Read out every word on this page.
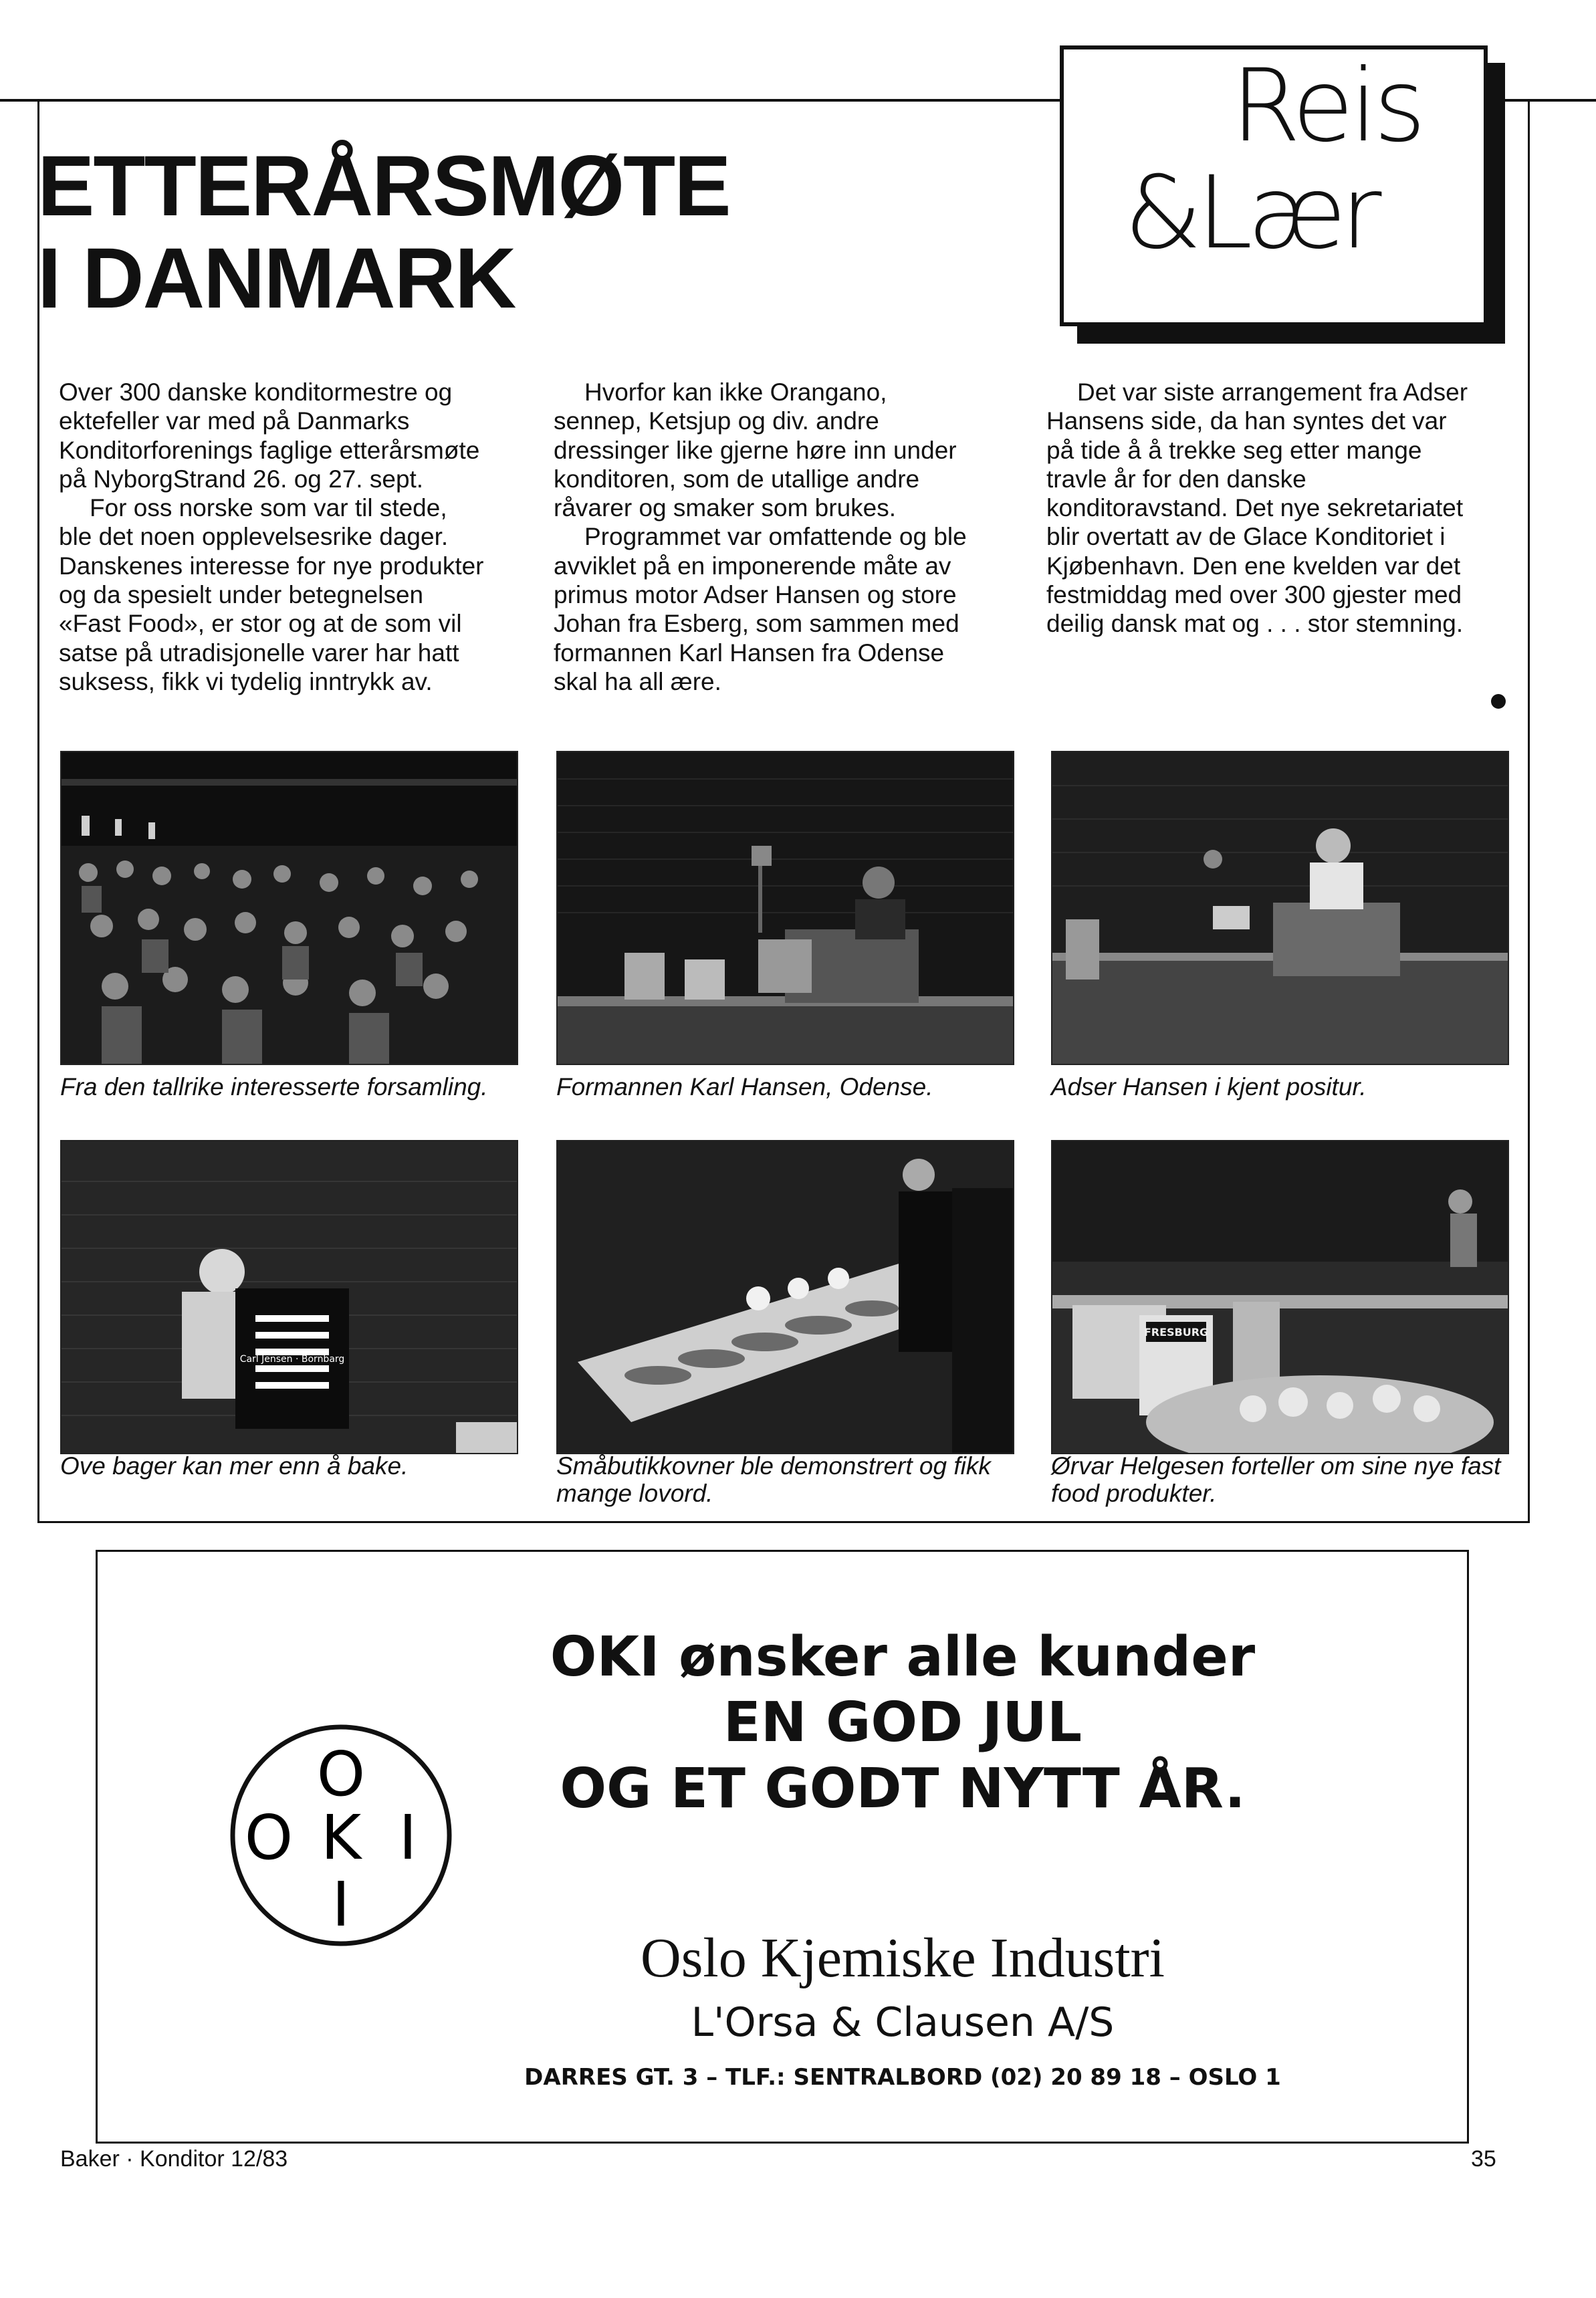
Reis
&Lær
ETTERÅRSMØTE
I DANMARK

Over 300 danske konditormestre og ektefeller var med på Danmarks Konditorforenings faglige etterårsmøte på NyborgStrand 26. og 27. sept.

For oss norske som var til stede, ble det noen opplevelsesrike dager. Danskenes interesse for nye produkter og da spesielt under betegnelsen «Fast Food», er stor og at de som vil satse på utradisjonelle varer har hatt suksess, fikk vi tydelig inntrykk av.

Hvorfor kan ikke Orangano, sennep, Ketsjup og div. andre dressinger like gjerne høre inn under konditoren, som de utallige andre råvarer og smaker som brukes.

Programmet var omfattende og ble avviklet på en imponerende måte av primus motor Adser Hansen og store Johan fra Esberg, som sammen med formannen Karl Hansen fra Odense skal ha all ære.

Det var siste arrangement fra Adser Hansens side, da han syntes det var på tide å å trekke seg etter mange travle år for den danske konditoravstand. Det nye sekretariatet blir overtatt av de Glace Konditoriet i Kjøbenhavn. Den ene kvelden var det festmiddag med over 300 gjester med deilig dansk mat og . . . stor stemning.

Fra den tallrike interesserte forsamling.	Formannen Karl Hansen, Odense.	Adser Hansen i kjent positur.
Carl Jensen · Bornbarg
FRESBURG
Ove bager kan mer enn å bake.	Småbutikkovner ble demonstrert og fikk mange lovord.
Ørvar Helgesen forteller om sine nye fast food produkter.
O
O K I
I
OKI ønsker alle kunder
EN GOD JUL
OG ET GODT NYTT ÅR.
Oslo Kjemiske Industri
L'Orsa & Clausen A/S
DARRES GT. 3 – TLF.: SENTRALBORD (02) 20 89 18 – OSLO 1
Baker · Konditor 12/83	35
